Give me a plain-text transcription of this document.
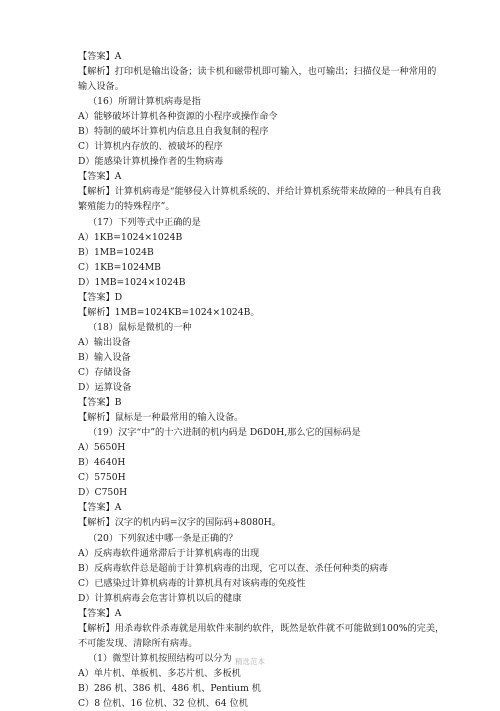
【答案】A
【解析】打印机是输出设备；读卡机和磁带机即可输入，也可输出；扫描仪是一种常用的
输入设备。
（16）所谓计算机病毒是指
A）能够破坏计算机各种资源的小程序或操作命令
B）特制的破坏计算机内信息且自我复制的程序
C）计算机内存放的、被破坏的程序
D）能感染计算机操作者的生物病毒
【答案】A
【解析】计算机病毒是“能够侵入计算机系统的、并给计算机系统带来故障的一种具有自我
繁殖能力的特殊程序”。
（17）下列等式中正确的是
A）1KB=1024×1024B
B）1MB=1024B
C）1KB=1024MB
D）1MB=1024×1024B
【答案】D
【解析】1MB=1024KB=1024×1024B。
（18）鼠标是微机的一种
A）输出设备
B）输入设备
C）存储设备
D）运算设备
【答案】B
【解析】鼠标是一种最常用的输入设备。
（19）汉字“中”的十六进制的机内码是 D6D0H,那么它的国标码是
A）5650H
B）4640H
C）5750H
D）C750H
【答案】A
【解析】汉字的机内码=汉字的国际码+8080H。
（20）下列叙述中哪一条是正确的？
A）反病毒软件通常滞后于计算机病毒的出现
B）反病毒软件总是超前于计算机病毒的出现，它可以查、杀任何种类的病毒
C）已感染过计算机病毒的计算机具有对该病毒的免疫性
D）计算机病毒会危害计算机以后的健康
【答案】A
【解析】用杀毒软件杀毒就是用软件来制约软件，既然是软件就不可能做到100%的完美，
不可能发现、清除所有病毒。
（1）微型计算机按照结构可以分为
A）单片机、单板机、多芯片机、多板机
B）286 机、386 机、486 机、Pentium 机
C）8 位机、16 位机、32 位机、64 位机
精选范本
